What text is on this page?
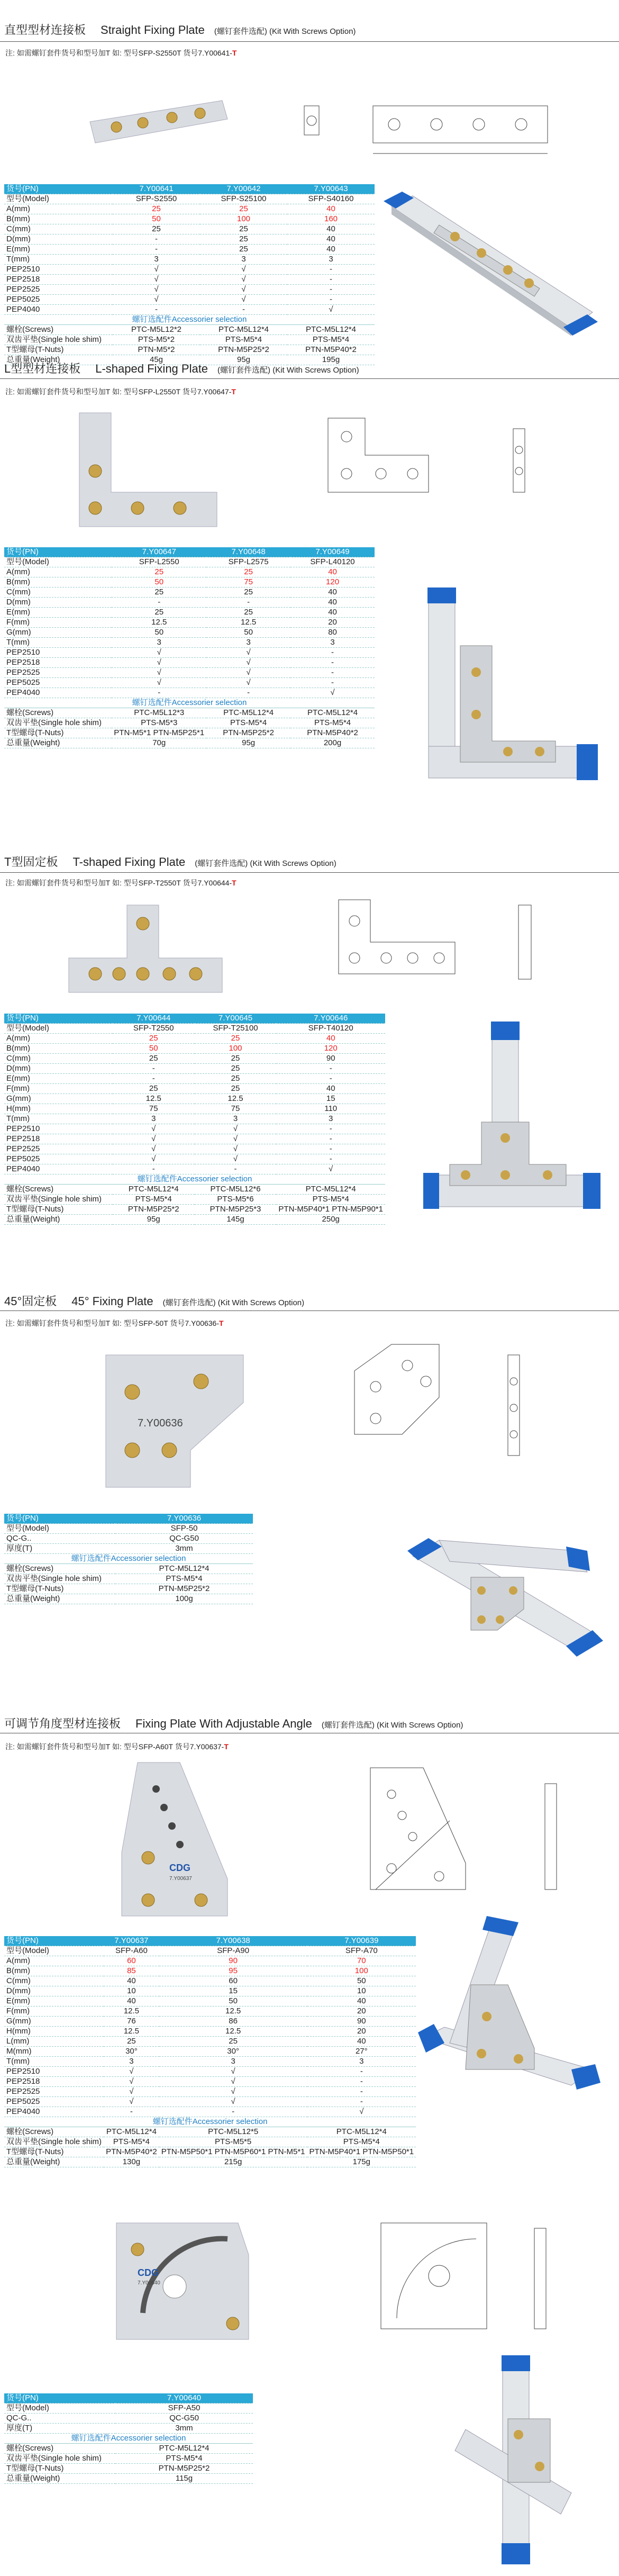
直型型材连接板 Straight Fixing Plate (螺钉套件选配) (Kit With Screws Option)
注: 如需螺钉套件货号和型号加T 如: 型号SFP-S2550T 货号7.Y00641-T
货号(PN)	7.Y00641	7.Y00642	7.Y00643
型号(Model)	SFP-S2550	SFP-S25100	SFP-S40160
A(mm)	25	25	40
B(mm)	50	100	160
C(mm)	25	25	40
D(mm)	-	25	40
E(mm)	-	25	40
T(mm)	3	3	3
PEP2510	√	√	-
PEP2518	√	√	-
PEP2525	√	√	-
PEP5025	√	√	-
PEP4040	-	-	√
螺钉选配件Accessorier selection			
螺栓(Screws)	PTC-M5L12*2	PTC-M5L12*4	PTC-M5L12*4
双齿平垫(Single hole shim)	PTS-M5*2	PTS-M5*4	PTS-M5*4
T型螺母(T-Nuts)	PTN-M5*2	PTN-M5P25*2	PTN-M5P40*2
总重量(Weight)	45g	95g	195g
L型型材连接板 L-shaped Fixing Plate (螺钉套件选配) (Kit With Screws Option)
注: 如需螺钉套件货号和型号加T 如: 型号SFP-L2550T 货号7.Y00647-T
货号(PN)	7.Y00647	7.Y00648	7.Y00649
型号(Model)	SFP-L2550	SFP-L2575	SFP-L40120
A(mm)	25	25	40
B(mm)	50	75	120
C(mm)	25	25	40
D(mm)	-	-	40
E(mm)	25	25	40
F(mm)	12.5	12.5	20
G(mm)	50	50	80
T(mm)	3	3	3
PEP2510	√	√	-
PEP2518	√	√	-
PEP2525	√	√	-
PEP5025	√	√	-
PEP4040	-	-	√
螺钉选配件Accessorier selection			
螺栓(Screws)	PTC-M5L12*3	PTC-M5L12*4	PTC-M5L12*4
双齿平垫(Single hole shim)	PTS-M5*3	PTS-M5*4	PTS-M5*4
T型螺母(T-Nuts)	PTN-M5*1 PTN-M5P25*1	PTN-M5P25*2	PTN-M5P40*2
总重量(Weight)	70g	95g	200g
T型固定板 T-shaped Fixing Plate (螺钉套件选配) (Kit With Screws Option)
注: 如需螺钉套件货号和型号加T 如: 型号SFP-T2550T 货号7.Y00644-T
货号(PN)	7.Y00644	7.Y00645	7.Y00646
型号(Model)	SFP-T2550	SFP-T25100	SFP-T40120
A(mm)	25	25	40
B(mm)	50	100	120
C(mm)	25	25	90
D(mm)	-	25	-
E(mm)	-	25	-
F(mm)	25	25	40
G(mm)	12.5	12.5	15
H(mm)	75	75	110
T(mm)	3	3	3
PEP2510	√	√	-
PEP2518	√	√	-
PEP2525	√	√	-
PEP5025	√	√	-
PEP4040	-	-	√
螺钉选配件Accessorier selection			
螺栓(Screws)	PTC-M5L12*4	PTC-M5L12*6	PTC-M5L12*4
双齿平垫(Single hole shim)	PTS-M5*4	PTS-M5*6	PTS-M5*4
T型螺母(T-Nuts)	PTN-M5P25*2	PTN-M5P25*3	PTN-M5P40*1 PTN-M5P90*1
总重量(Weight)	95g	145g	250g
45°固定板 45° Fixing Plate (螺钉套件选配) (Kit With Screws Option)
注: 如需螺钉套件货号和型号加T 如: 型号SFP-50T 货号7.Y00636-T
7.Y00636
货号(PN)	7.Y00636
型号(Model)	SFP-50
QC-G..	QC-G50
厚度(T)	3mm
螺钉选配件Accessorier selection	
螺栓(Screws)	PTC-M5L12*4
双齿平垫(Single hole shim)	PTS-M5*4
T型螺母(T-Nuts)	PTN-M5P25*2
总重量(Weight)	100g
可调节角度型材连接板 Fixing Plate With Adjustable Angle (螺钉套件选配) (Kit With Screws Option)
注: 如需螺钉套件货号和型号加T 如: 型号SFP-A60T 货号7.Y00637-T
CDG
7.Y00637
货号(PN)	7.Y00637	7.Y00638	7.Y00639
型号(Model)	SFP-A60	SFP-A90	SFP-A70
A(mm)	60	90	70
B(mm)	85	95	100
C(mm)	40	60	50
D(mm)	10	15	10
E(mm)	40	50	40
F(mm)	12.5	12.5	20
G(mm)	76	86	90
H(mm)	12.5	12.5	20
L(mm)	25	25	40
M(mm)	30°	30°	27°
T(mm)	3	3	3
PEP2510	√	√	-
PEP2518	√	√	-
PEP2525	√	√	-
PEP5025	√	√	-
PEP4040	-	-	√
螺钉选配件Accessorier selection			
螺栓(Screws)	PTC-M5L12*4	PTC-M5L12*5	PTC-M5L12*4
双齿平垫(Single hole shim)	PTS-M5*4	PTS-M5*5	PTS-M5*4
T型螺母(T-Nuts)	PTN-M5P40*2	PTN-M5P50*1 PTN-M5P60*1 PTN-M5*1	PTN-M5P40*1 PTN-M5P50*1
总重量(Weight)	130g	215g	175g
CDG
7.Y00640
货号(PN)	7.Y00640
型号(Model)	SFP-A50
QC-G..	QC-G50
厚度(T)	3mm
螺钉选配件Accessorier selection	
螺栓(Screws)	PTC-M5L12*4
双齿平垫(Single hole shim)	PTS-M5*4
T型螺母(T-Nuts)	PTN-M5P25*2
总重量(Weight)	115g
